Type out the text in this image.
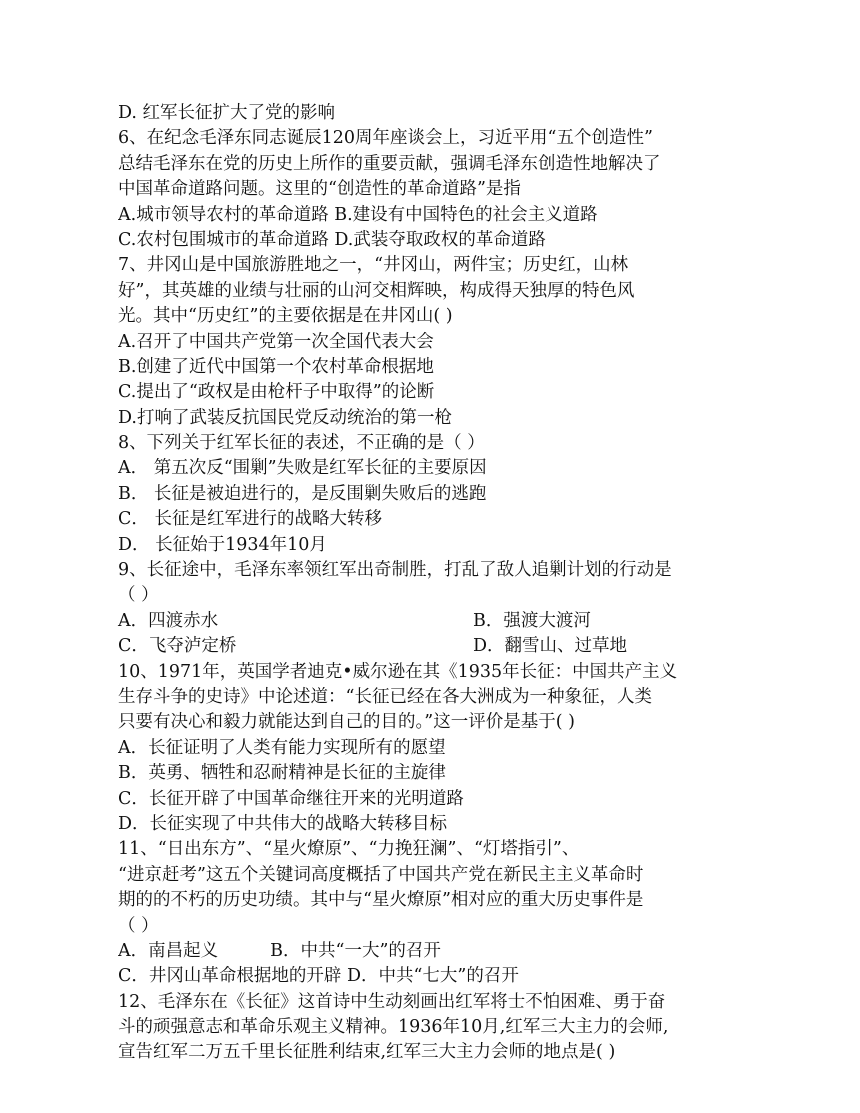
D. 红军长征扩大了党的影响
6、在纪念毛泽东同志诞辰120周年座谈会上，习近平用“五个创造性”
总结毛泽东在党的历史上所作的重要贡献，强调毛泽东创造性地解决了
中国革命道路问题。这里的“创造性的革命道路”是指
A.城市领导农村的革命道路 B.建设有中国特色的社会主义道路
C.农村包围城市的革命道路 D.武装夺取政权的革命道路
7、井冈山是中国旅游胜地之一，“井冈山，两件宝；历史红，山林
好”，其英雄的业绩与壮丽的山河交相辉映，构成得天独厚的特色风
光。其中“历史红”的主要依据是在井冈山( )
A.召开了中国共产党第一次全国代表大会
B.创建了近代中国第一个农村革命根据地
C.提出了“政权是由枪杆子中取得”的论断
D.打响了武装反抗国民党反动统治的第一枪
8、下列关于红军长征的表述，不正确的是（ ）
A． 第五次反“围剿”失败是红军长征的主要原因
B． 长征是被迫进行的，是反围剿失败后的逃跑
C． 长征是红军进行的战略大转移
D． 长征始于1934年10月
9、长征途中，毛泽东率领红军出奇制胜，打乱了敌人追剿计划的行动是
（ ）
A．四渡赤水	B．强渡大渡河
C．飞夺泸定桥	D．翻雪山、过草地
10、1971年，英国学者迪克•威尔逊在其《1935年长征：中国共产主义
生存斗争的史诗》中论述道：“长征已经在各大洲成为一种象征，人类
只要有决心和毅力就能达到自己的目的。”这一评价是基于( )
A．长征证明了人类有能力实现所有的愿望
B．英勇、牺牲和忍耐精神是长征的主旋律
C．长征开辟了中国革命继往开来的光明道路
D．长征实现了中共伟大的战略大转移目标
11、“日出东方”、“星火燎原”、“力挽狂澜”、“灯塔指引”、
“进京赶考”这五个关键词高度概括了中国共产党在新民主主义革命时
期的的不朽的历史功绩。其中与“星火燎原”相对应的重大历史事件是
（ ）
A．南昌起义	B．中共“一大”的召开
C．井冈山革命根据地的开辟 D．中共“七大”的召开
12、毛泽东在《长征》这首诗中生动刻画出红军将士不怕困难、勇于奋
斗的顽强意志和革命乐观主义精神。1936年10月,红军三大主力的会师,
宣告红军二万五千里长征胜利结束,红军三大主力会师的地点是( )
